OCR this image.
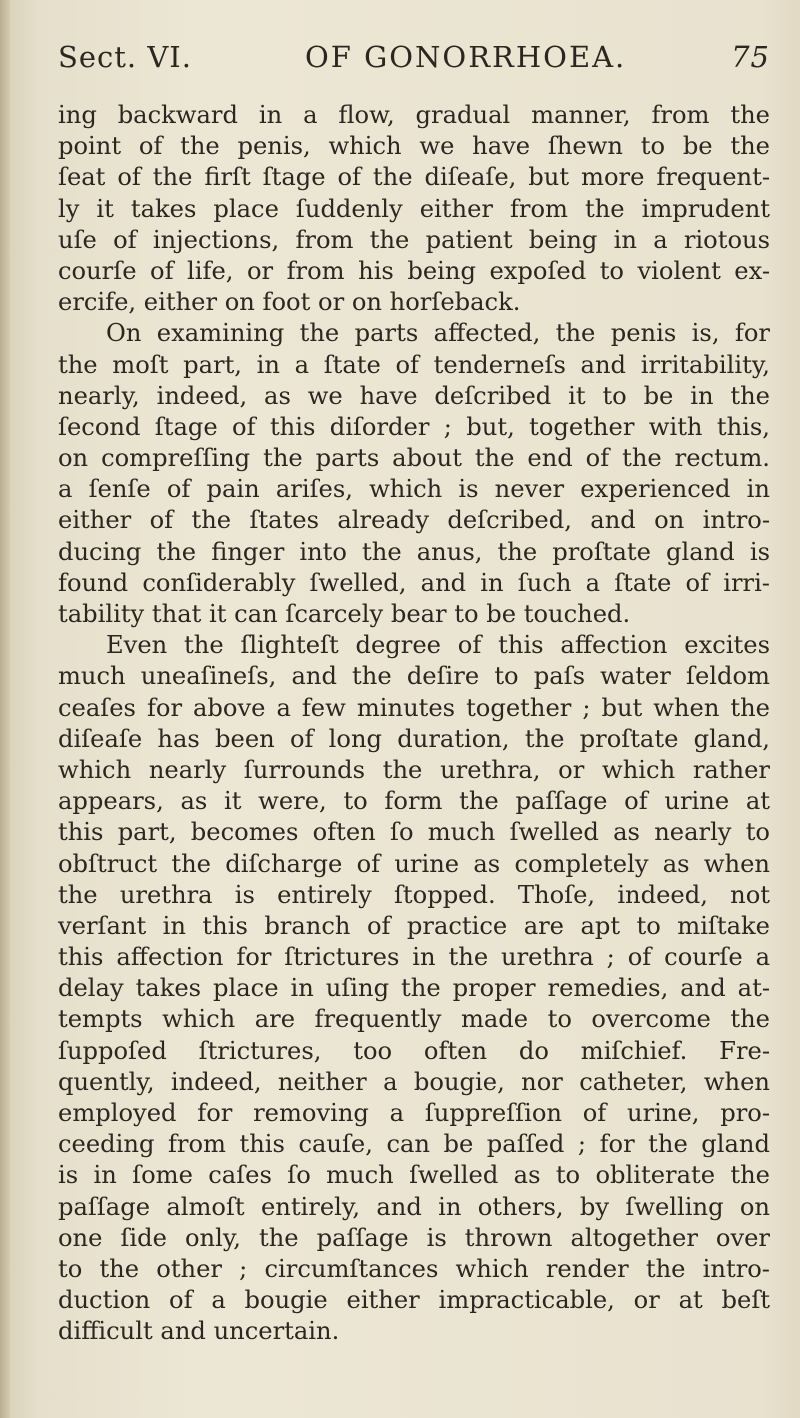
Sect. VI.	OF GONORRHOEA.	75
ing backward in a flow, gradual manner, from the
point of the penis, which we have ſhewn to be the
ſeat of the firſt ſtage of the diſeaſe, but more frequent-
ly it takes place ſuddenly either from the imprudent
uſe of injections, from the patient being in a riotous
courſe of life, or from his being expoſed to violent ex-
ercife, either on foot or on horſeback.
On examining the parts affected, the penis is, for
the moſt part, in a ſtate of tenderneſs and irritability,
nearly, indeed, as we have deſcribed it to be in the
ſecond ſtage of this diſorder ; but, together with this,
on compreſſing the parts about the end of the rectum.
a ſenſe of pain ariſes, which is never experienced in
either of the ſtates already deſcribed, and on intro-
ducing the finger into the anus, the proſtate gland is
found conſiderably ſwelled, and in ſuch a ſtate of irri-
tability that it can ſcarcely bear to be touched.
Even the ſlighteſt degree of this affection excites
much uneaſineſs, and the deſire to paſs water ſeldom
ceaſes for above a few minutes together ; but when the
diſeaſe has been of long duration, the proſtate gland,
which nearly ſurrounds the urethra, or which rather
appears, as it were, to form the paſſage of urine at
this part, becomes often ſo much ſwelled as nearly to
obſtruct the diſcharge of urine as completely as when
the urethra is entirely ſtopped. Thoſe, indeed, not
verſant in this branch of practice are apt to miſtake
this affection for ſtrictures in the urethra ; of courſe a
delay takes place in uſing the proper remedies, and at-
tempts which are frequently made to overcome the
ſuppoſed ſtrictures, too often do miſchief. Fre-
quently, indeed, neither a bougie, nor catheter, when
employed for removing a ſuppreſſion of urine, pro-
ceeding from this cauſe, can be paſſed ; for the gland
is in ſome caſes ſo much ſwelled as to obliterate the
paſſage almoſt entirely, and in others, by ſwelling on
one ſide only, the paſſage is thrown altogether over
to the other ; circumſtances which render the intro-
duction of a bougie either impracticable, or at beſt
difficult and uncertain.
